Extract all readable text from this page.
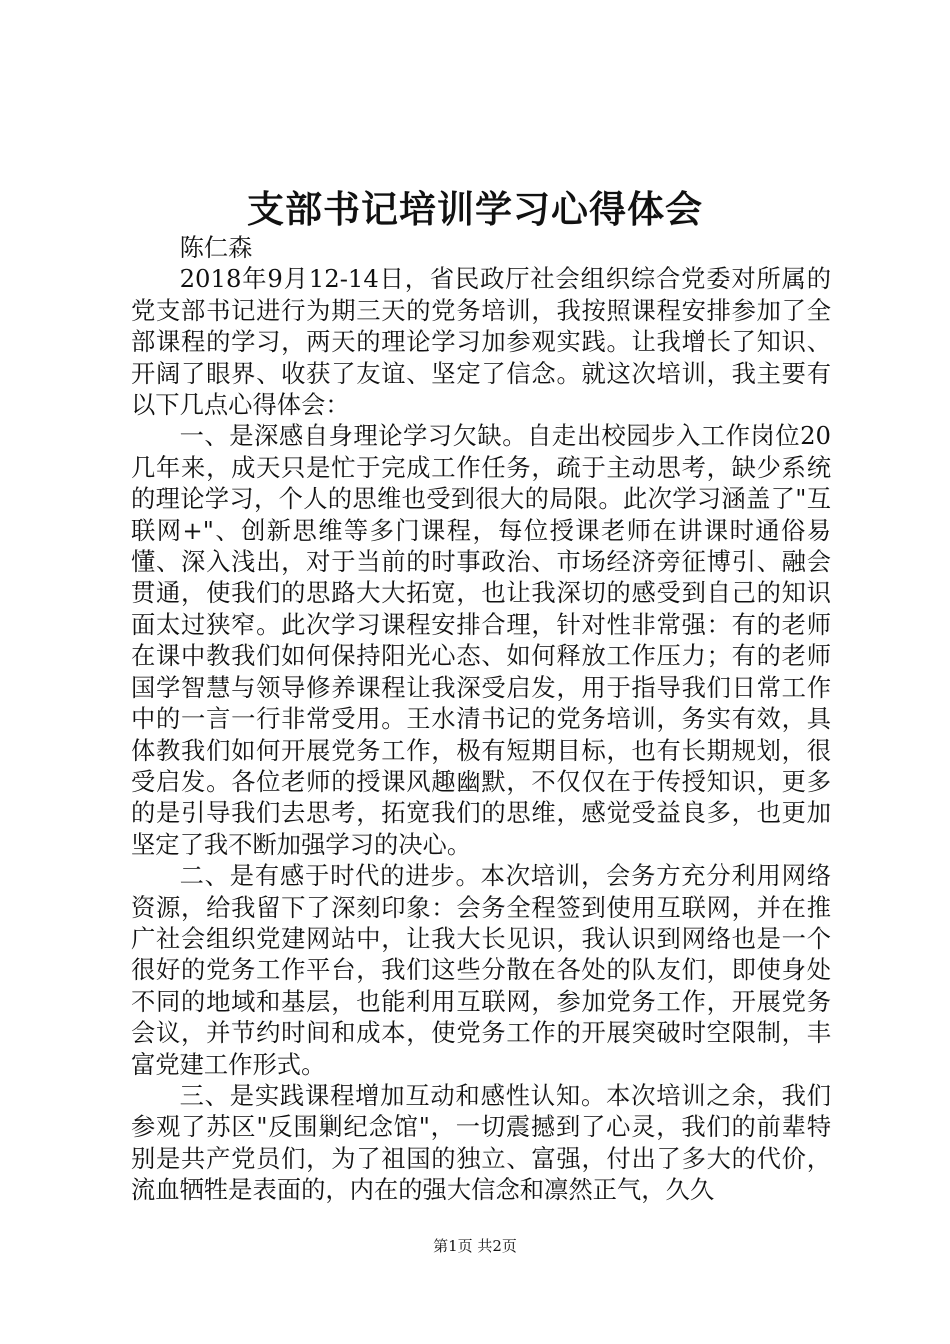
支部书记培训学习心得体会

陈仁森

2018年9月12-14日，省民政厅社会组织综合党委对所属的党支部书记进行为期三天的党务培训，我按照课程安排参加了全部课程的学习，两天的理论学习加参观实践。让我增长了知识、开阔了眼界、收获了友谊、坚定了信念。就这次培训，我主要有以下几点心得体会：

一、是深感自身理论学习欠缺。自走出校园步入工作岗位20几年来，成天只是忙于完成工作任务，疏于主动思考，缺少系统的理论学习，个人的思维也受到很大的局限。此次学习涵盖了"互联网+"、创新思维等多门课程，每位授课老师在讲课时通俗易懂、深入浅出，对于当前的时事政治、市场经济旁征博引、融会贯通，使我们的思路大大拓宽，也让我深切的感受到自己的知识面太过狭窄。此次学习课程安排合理，针对性非常强：有的老师在课中教我们如何保持阳光心态、如何释放工作压力；有的老师国学智慧与领导修养课程让我深受启发，用于指导我们日常工作中的一言一行非常受用。王水清书记的党务培训，务实有效，具体教我们如何开展党务工作，极有短期目标，也有长期规划，很受启发。各位老师的授课风趣幽默，不仅仅在于传授知识，更多的是引导我们去思考，拓宽我们的思维，感觉受益良多，也更加坚定了我不断加强学习的决心。

二、是有感于时代的进步。本次培训，会务方充分利用网络资源，给我留下了深刻印象：会务全程签到使用互联网，并在推广社会组织党建网站中，让我大长见识，我认识到网络也是一个很好的党务工作平台，我们这些分散在各处的队友们，即使身处不同的地域和基层，也能利用互联网，参加党务工作，开展党务会议，并节约时间和成本，使党务工作的开展突破时空限制，丰富党建工作形式。

三、是实践课程增加互动和感性认知。本次培训之余，我们参观了苏区"反围剿纪念馆"，一切震撼到了心灵，我们的前辈特别是共产党员们，为了祖国的独立、富强，付出了多大的代价，流血牺牲是表面的，内在的强大信念和凛然正气，久久

第1页 共2页
